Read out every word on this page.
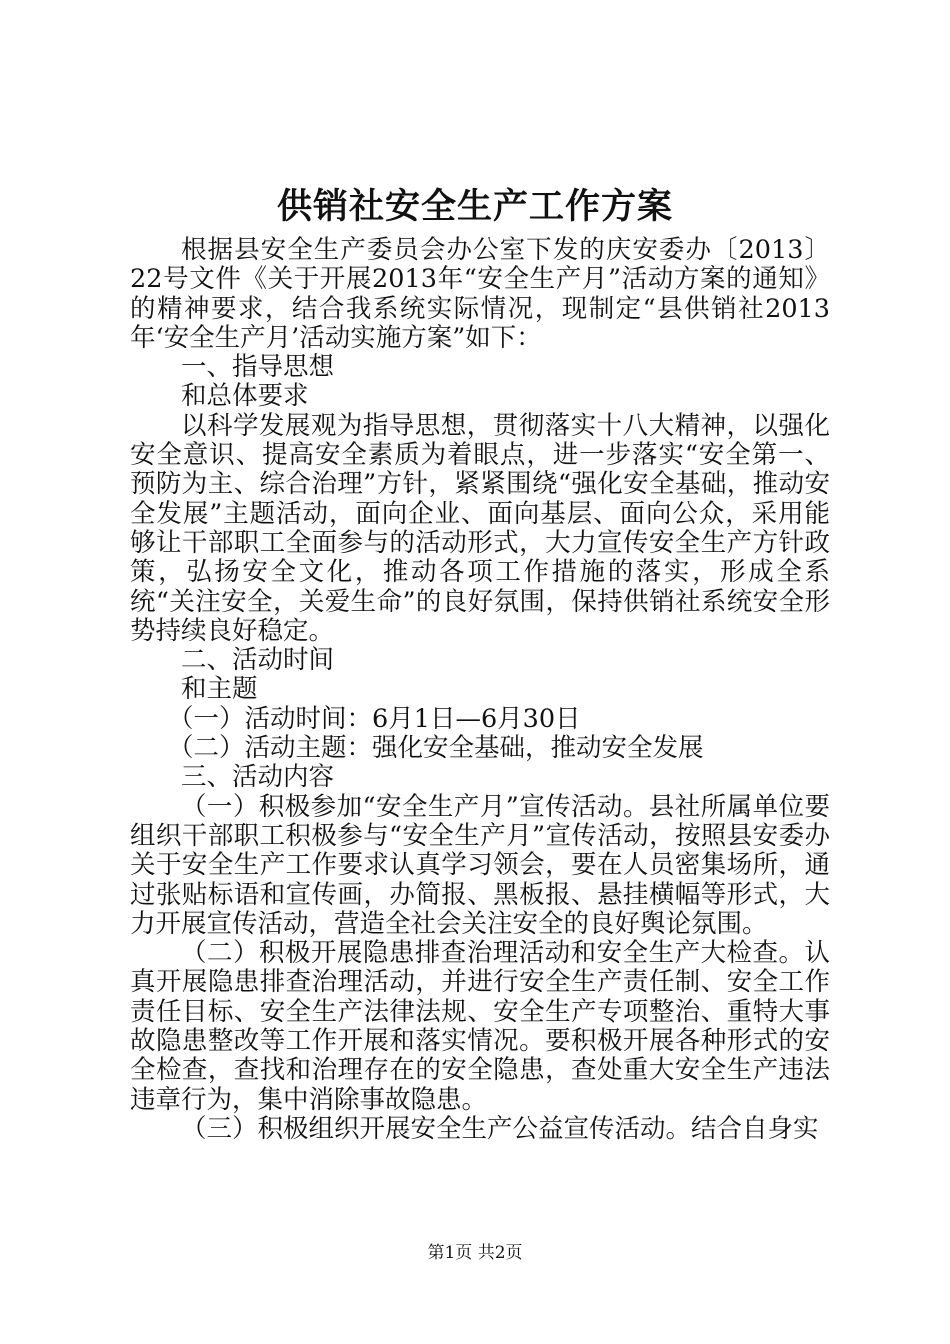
供销社安全生产工作方案

根据县安全生产委员会办公室下发的庆安委办〔2013〕22号文件《关于开展2013年“安全生产月”活动方案的通知》的精神要求，结合我系统实际情况，现制定“县供销社2013年‘安全生产月’活动实施方案”如下：

一、指导思想

和总体要求

以科学发展观为指导思想，贯彻落实十八大精神，以强化安全意识、提高安全素质为着眼点，进一步落实“安全第一、预防为主、综合治理”方针，紧紧围绕“强化安全基础，推动安全发展”主题活动，面向企业、面向基层、面向公众，采用能够让干部职工全面参与的活动形式，大力宣传安全生产方针政策，弘扬安全文化，推动各项工作措施的落实，形成全系统“关注安全，关爱生命”的良好氛围，保持供销社系统安全形势持续良好稳定。

二、活动时间

和主题

（一）活动时间：6月1日—6月30日

（二）活动主题：强化安全基础，推动安全发展

三、活动内容

（一）积极参加“安全生产月”宣传活动。县社所属单位要组织干部职工积极参与“安全生产月”宣传活动，按照县安委办关于安全生产工作要求认真学习领会，要在人员密集场所，通过张贴标语和宣传画，办简报、黑板报、悬挂横幅等形式，大力开展宣传活动，营造全社会关注安全的良好舆论氛围。

（二）积极开展隐患排查治理活动和安全生产大检查。认真开展隐患排查治理活动，并进行安全生产责任制、安全工作责任目标、安全生产法律法规、安全生产专项整治、重特大事故隐患整改等工作开展和落实情况。要积极开展各种形式的安全检查，查找和治理存在的安全隐患，查处重大安全生产违法违章行为，集中消除事故隐患。

（三）积极组织开展安全生产公益宣传活动。结合自身实

第1页 共2页
